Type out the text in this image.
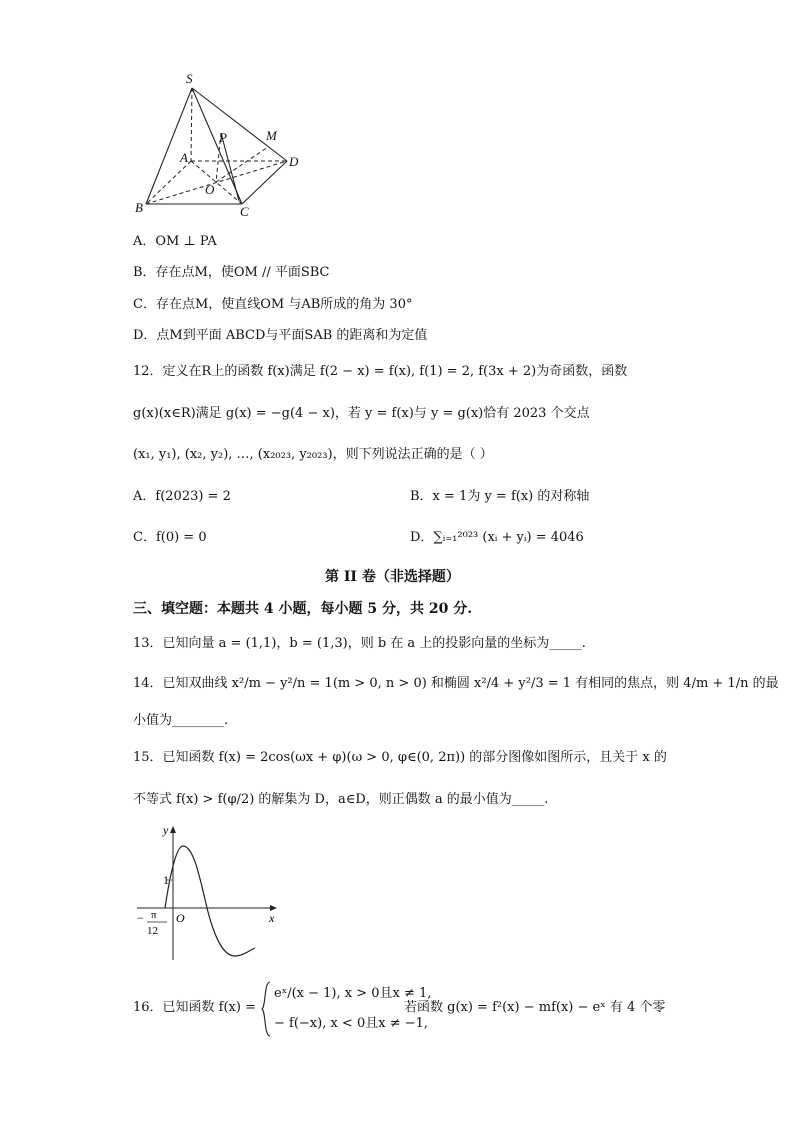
S
P	M
A	D
O
B	C
A．OM ⊥ PA
B．存在点M，使OM // 平面SBC
C．存在点M，使直线OM 与AB所成的角为 30°
D．点M到平面 ABCD与平面SAB 的距离和为定值
12．定义在R上的函数 f(x)满足 f(2 − x) = f(x), f(1) = 2, f(3x + 2)为奇函数，函数
g(x)(x∈R)满足 g(x) = −g(4 − x)，若 y = f(x)与 y = g(x)恰有 2023 个交点
(x₁, y₁), (x₂, y₂), …, (x₂₀₂₃, y₂₀₂₃)，则下列说法正确的是（ ）
A．f(2023) = 2	B．x = 1为 y = f(x) 的对称轴
C．f(0) = 0	D．∑ᵢ₌₁²⁰²³ (xᵢ + yᵢ) = 4046
第 II 卷（非选择题）
三、填空题：本题共 4 小题，每小题 5 分，共 20 分.
13．已知向量 a = (1,1)，b = (1,3)，则 b 在 a 上的投影向量的坐标为_____.
14．已知双曲线 x²/m − y²/n = 1(m > 0, n > 0) 和椭圆 x²/4 + y²/3 = 1 有相同的焦点，则 4/m + 1/n 的最
小值为________.
15．已知函数 f(x) = 2cos(ωx + φ)(ω > 0, φ∈(0, 2π)) 的部分图像如图所示，且关于 x 的
不等式 f(x) > f(φ/2) 的解集为 D，a∈D，则正偶数 a 的最小值为_____.
y
x
O
1
− π
12
16．已知函数 f(x) =
eˣ/(x − 1), x > 0且x ≠ 1,
− f(−x), x < 0且x ≠ −1,
若函数 g(x) = f²(x) − mf(x) − eˣ 有 4 个零
